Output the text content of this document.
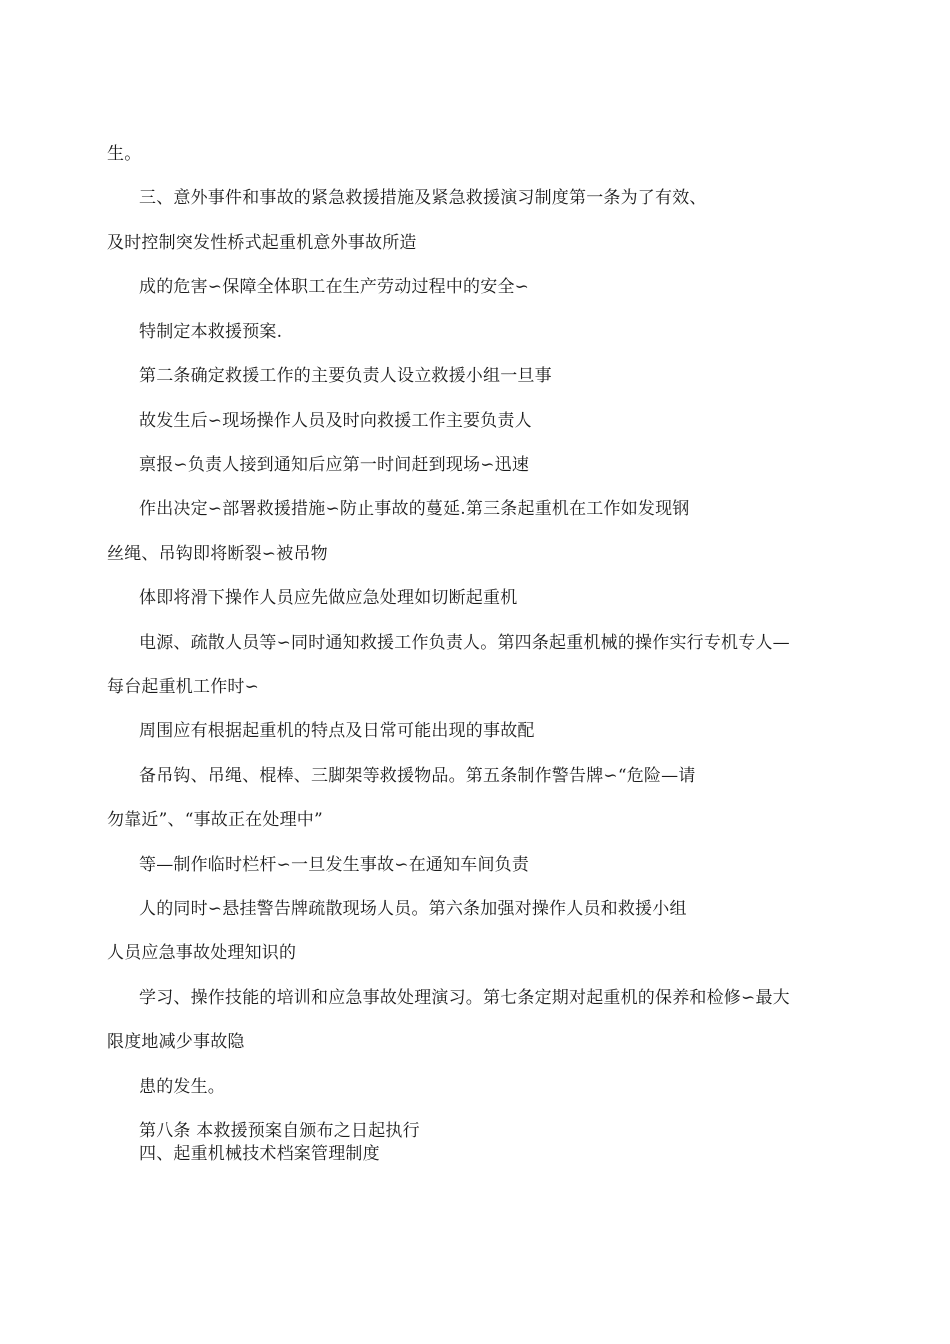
生。
三、意外事件和事故的紧急救援措施及紧急救援演习制度第一条为了有效、
及时控制突发性桥式起重机意外事故所造
成的危害∽保障全体职工在生产劳动过程中的安全∽
特制定本救援预案.
第二条确定救援工作的主要负责人设立救援小组一旦事
故发生后∽现场操作人员及时向救援工作主要负责人
禀报∽负责人接到通知后应第一时间赶到现场∽迅速
作出决定∽部署救援措施∽防止事故的蔓延.第三条起重机在工作如发现钢
丝绳、吊钩即将断裂∽被吊物
体即将滑下操作人员应先做应急处理如切断起重机
电源、疏散人员等∽同时通知救援工作负责人。第四条起重机械的操作实行专机专人—
每台起重机工作时∽
周围应有根据起重机的特点及日常可能出现的事故配
备吊钩、吊绳、棍棒、三脚架等救援物品。第五条制作警告牌∽“危险—请
勿靠近”、“事故正在处理中”
等—制作临时栏杆∽一旦发生事故∽在通知车间负责
人的同时∽悬挂警告牌疏散现场人员。第六条加强对操作人员和救援小组
人员应急事故处理知识的
学习、操作技能的培训和应急事故处理演习。第七条定期对起重机的保养和检修∽最大
限度地减少事故隐
患的发生。
第八条 本救援预案自颁布之日起执行
四、起重机械技术档案管理制度
